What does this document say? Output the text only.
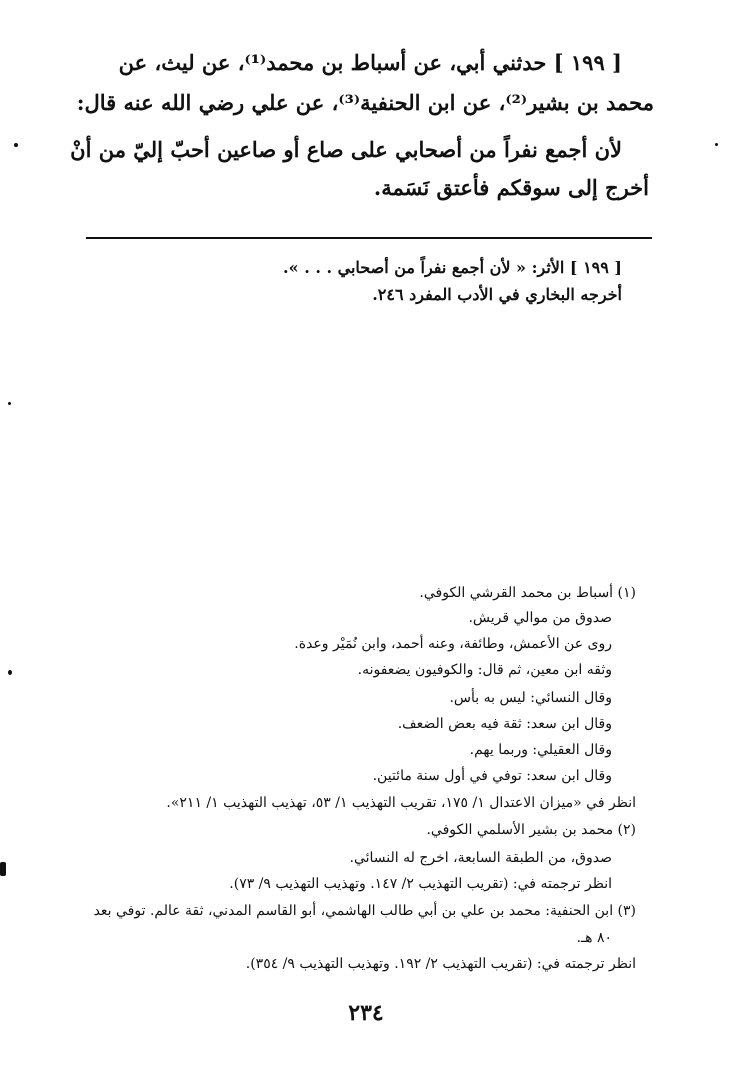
[ ١٩٩ ] حدثني أبي، عن أسباط بن محمد⁽¹⁾، عن ليث، عن
محمد بن بشير⁽²⁾، عن ابن الحنفية⁽³⁾، عن علي رضي الله عنه قال:
لأن أجمع نفراً من أصحابي على صاع أو صاعين أحبّ إليّ من أنْ
أخرج إلى سوقكم فأعتق نَسَمة.
[ ١٩٩ ] الأثر: « لأن أجمع نفراً من أصحابي . . . ».
أخرجه البخاري في الأدب المفرد ٢٤٦.
(١) أسباط بن محمد القرشي الكوفي.
صدوق من موالي قريش.
روى عن الأعمش، وطائفة، وعنه أحمد، وابن نُمَيْر وعدة.
وثقه ابن معين، ثم قال: والكوفيون يضعفونه.
وقال النسائي: ليس به بأس.
وقال ابن سعد: ثقة فيه بعض الضعف.
وقال العقيلي: وربما يهم.
وقال ابن سعد: توفي في أول سنة مائتين.
انظر في «ميزان الاعتدال ١/ ١٧٥، تقريب التهذيب ١/ ٥٣، تهذيب التهذيب ١/ ٢١١».
(٢) محمد بن بشير الأسلمي الكوفي.
صدوق، من الطبقة السابعة، اخرج له النسائي.
انظر ترجمته في: (تقريب التهذيب ٢/ ١٤٧. وتهذيب التهذيب ٩/ ٧٣).
(٣) ابن الحنفية: محمد بن علي بن أبي طالب الهاشمي، أبو القاسم المدني، ثقة عالم. توفي بعد
٨٠ هـ.
انظر ترجمته في: (تقريب التهذيب ٢/ ١٩٢. وتهذيب التهذيب ٩/ ٣٥٤).
٢٣٤
